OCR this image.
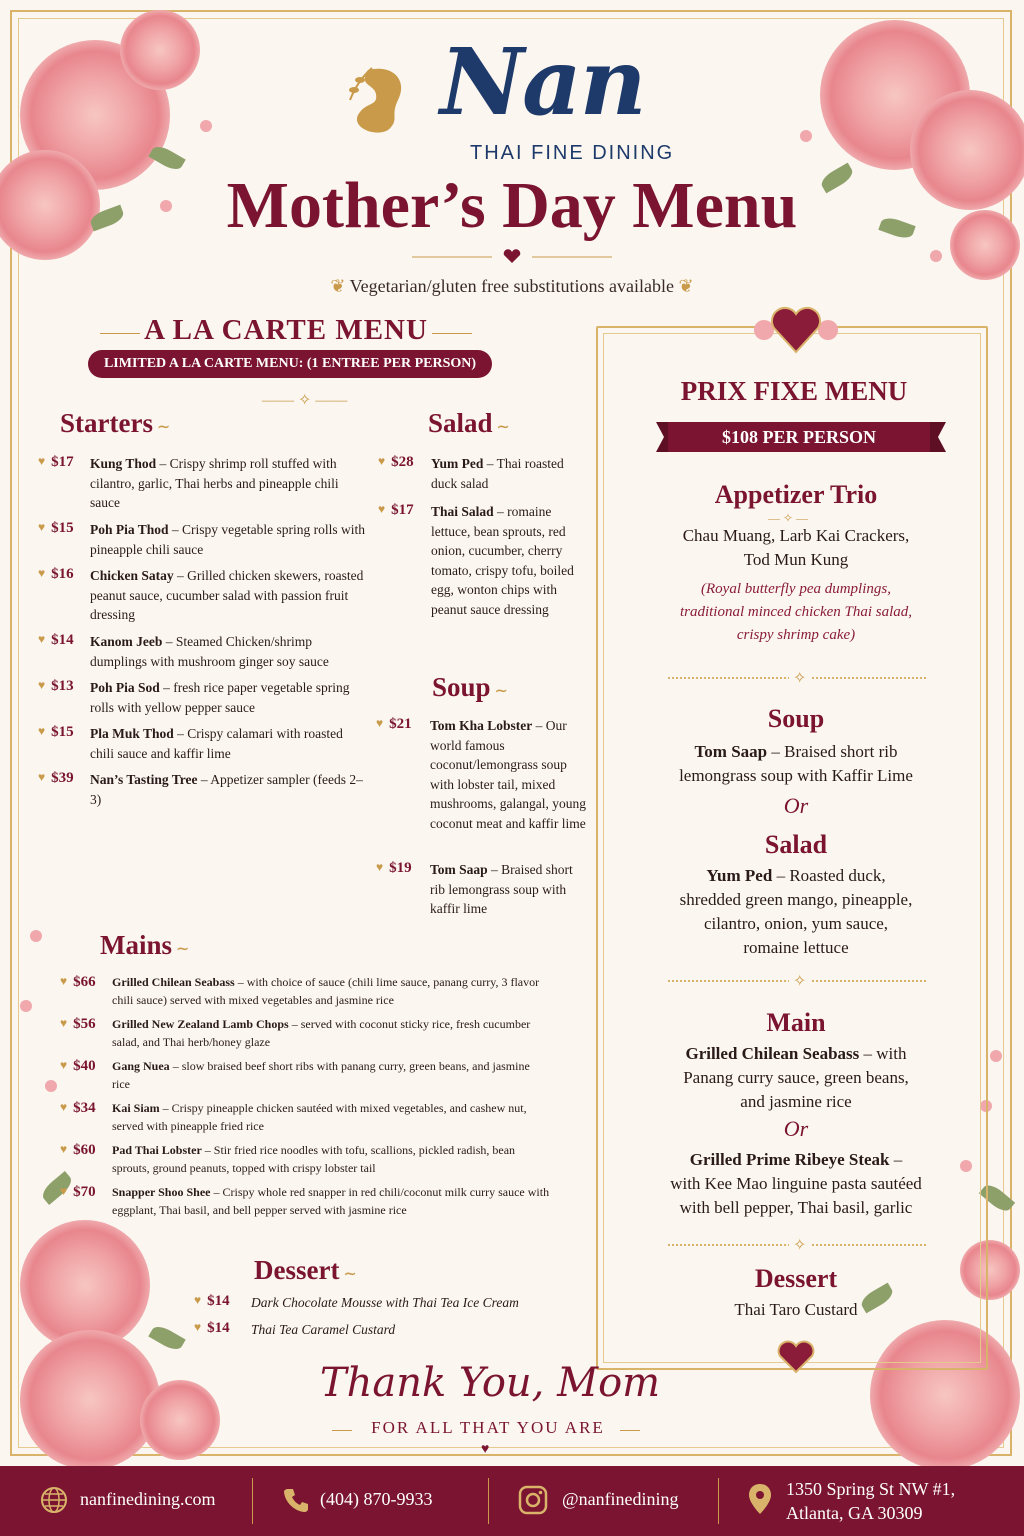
Nan
THAI FINE DINING
Mother’s Day Menu
❦ Vegetarian/gluten free substitutions available ❦
A LA CARTE MENU
LIMITED A LA CARTE MENU: (1 ENTREE PER PERSON)
—— ✧ ——
Starters ∼
♥ $17 Kung Thod – Crispy shrimp roll stuffed with cilantro, garlic, Thai herbs and pineapple chili sauce
♥ $15 Poh Pia Thod – Crispy vegetable spring rolls with pineapple chili sauce
♥ $16 Chicken Satay – Grilled chicken skewers, roasted peanut sauce, cucumber salad with passion fruit dressing
♥ $14 Kanom Jeeb – Steamed Chicken/shrimp dumplings with mushroom ginger soy sauce
♥ $13 Poh Pia Sod – fresh rice paper vegetable spring rolls with yellow pepper sauce
♥ $15 Pla Muk Thod – Crispy calamari with roasted chili sauce and kaffir lime
♥ $39 Nan’s Tasting Tree – Appetizer sampler (feeds 2–3)
Salad ∼
♥ $28 Yum Ped – Thai roasted duck salad
♥ $17 Thai Salad – romaine lettuce, bean sprouts, red onion, cucumber, cherry tomato, crispy tofu, boiled egg, wonton chips with peanut sauce dressing
Soup ∼
♥ $21 Tom Kha Lobster – Our world famous coconut/lemongrass soup with lobster tail, mixed mushrooms, galangal, young coconut meat and kaffir lime
♥ $19 Tom Saap – Braised short rib lemongrass soup with kaffir lime
Mains ∼
♥ $66 Grilled Chilean Seabass – with choice of sauce (chili lime sauce, panang curry, 3 flavor chili sauce) served with mixed vegetables and jasmine rice
♥ $56 Grilled New Zealand Lamb Chops – served with coconut sticky rice, fresh cucumber salad, and Thai herb/honey glaze
♥ $40 Gang Nuea – slow braised beef short ribs with panang curry, green beans, and jasmine rice
♥ $34 Kai Siam – Crispy pineapple chicken sautéed with mixed vegetables, and cashew nut, served with pineapple fried rice
♥ $60 Pad Thai Lobster – Stir fried rice noodles with tofu, scallions, pickled radish, bean sprouts, ground peanuts, topped with crispy lobster tail
♥ $70 Snapper Shoo Shee – Crispy whole red snapper in red chili/coconut milk curry sauce with eggplant, Thai basil, and bell pepper served with jasmine rice
Dessert ∼
♥ $14 Dark Chocolate Mousse with Thai Tea Ice Cream
♥ $14 Thai Tea Caramel Custard
PRIX FIXE MENU
$108 PER PERSON
Appetizer Trio
— ✧ —
Chau Muang, Larb Kai Crackers,
Tod Mun Kung
(Royal butterfly pea dumplings,
traditional minced chicken Thai salad,
crispy shrimp cake)
✧
Soup
Tom Saap – Braised short rib
lemongrass soup with Kaffir Lime
Or
Salad
Yum Ped – Roasted duck,
shredded green mango, pineapple,
cilantro, onion, yum sauce,
romaine lettuce
✧
Main
Grilled Chilean Seabass – with
Panang curry sauce, green beans,
and jasmine rice
Or
Grilled Prime Ribeye Steak –
with Kee Mao linguine pasta sautéed
with bell pepper, Thai basil, garlic
✧
Dessert
Thai Taro Custard
Thank You, Mom
FOR ALL THAT YOU ARE
♥
nanfinedining.com	(404) 870-9933	@nanfinedining	1350 Spring St NW #1,
Atlanta, GA 30309
